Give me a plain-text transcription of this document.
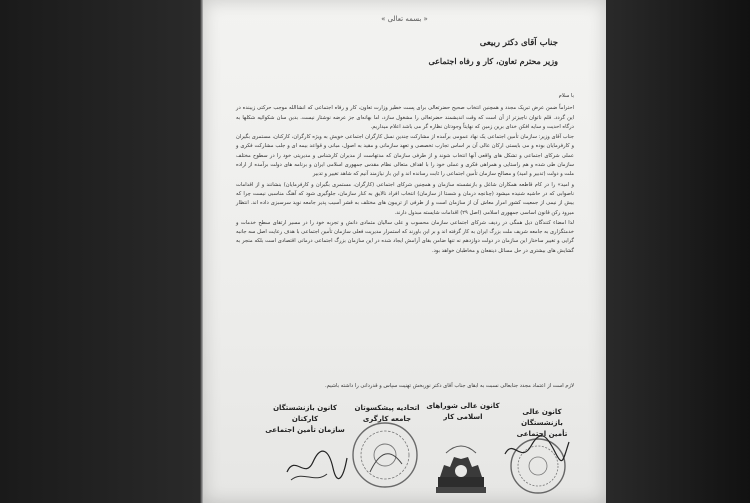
« بسمه تعالی »
جناب آقای دکتر ربیعی
وزیر محترم تعاون، کار و رفاه اجتماعی

با سلام

احتراماً ضمن عرض تبریک مجدد و همچنین انتخاب صحیح حضرتعالی برای پست خطیر وزارت تعاون، کار و رفاه اجتماعی که انشاالله موجب حرکتی زیبنده در این گردد. قلم ناتوان ناچیزتر از آن است که وقت اندیشمند حضرتعالی را مشغول سازد، اما بهانه‌ای جز عرضه نوشتار نیست. بدین سان شکوائیه شکلها به درگاه احدیت و سایه افکن خدای برین زمین که نهایتاً وجودتان نظاره گر می باشد اعلام میداریم.

جناب آقای وزیر: سازمان تأمین اجتماعی یک نهاد عمومی برآمده از مشارکت چندین نسل کارگران اجتماعی خویش به ویژه کارگران، کارکنان، مستمری بگیران و کارفرمایان بوده و می بایستی ارکان عالی آن بر اساس تجارب تخصصی و تعهد سازمانی و مقید به اصول، مبانی و قواعد بیمه ای و جلب مشارکت فکری و عملی شرکای اجتماعی و تشکل های واقعی آنها انتخاب شوند و از طرفی سازمان که مدتهاست از مدیران کارشناس و مدیریتی خود را در سطوح مختلف سازمان طی شده و هم راستایی و همراهی فکری و عملی خود را با اهداف متعالی نظام مقدس جمهوری اسلامی ایران و برنامه های دولت برآمده از اراده ملت و دولت (تدبیر و امید) و مصالح سازمان تأمین اجتماعی را ثابت رسانده اند و این بار نیازمند آنیم که شاهد تغییر و تدبیر

و امید» را در کام قاطعه همکاران شاغل و بازنشسته سازمان و همچنین شرکای اجتماعی (کارگران، مستمری بگیران و کارفرمایان) بنشانند و از اقدامات ناصوابی که در حاشیه شنیده میشود (چنانچه درمان و شستا از سازمان) انتخاب افراد نالایق به کنار سازمان، جلوگیری شود که آهنگ مناسبی نیست چرا که بیش از نیمی از جمعیت کشور امرار معاش آن از سازمان است و از طرفی از تریبون های مختلف به قشر آسیب پذیر جامعه نوید سرسبزی داده اند. انتظار میرود رکن قانون اساسی جمهوری اسلامی (اصل ۲۹) اقدامات شایسته مبذول دارند.

لذا امضاء کنندگان ذیل همگی در ردیف شرکای اجتماعی سازمان محسوب و علی سالیان متمادی دانش و تجربه خود را در مسیر ارتقای سطح خدمات و خدمتگزاری به جامعه شریف ملت بزرگ ایران به کار گرفته اند و بر این باورند که استمرار مدیریت فعلی سازمان تأمین اجتماعی با هدف رعایت اصل سه جانبه گرایی و تغییر ساختار این سازمان در دولت دوازدهم نه تنها ضامن بقای آرامش ایجاد شده در این سازمان بزرگ اجتماعی درمانی اقتصادی است بلکه منجر به گشایش های بیشتری در حل مسائل ذینفعان و مخاطبان خواهد بود.

لازم است از اعتماد مجدد جنابعالی نسبت به ابقای جناب آقای دکتر نوربخش تهنیت سپاس و قدردانی را داشته باشیم.
کانون عالی بازنشستگان
تأمین اجتماعی
کانون عالی شوراهای
اسلامی کار
اتحادیه پیشکسوتان
جامعه کارگری
کانون بازنشستگان کارکنان
سازمان تأمین اجتماعی
